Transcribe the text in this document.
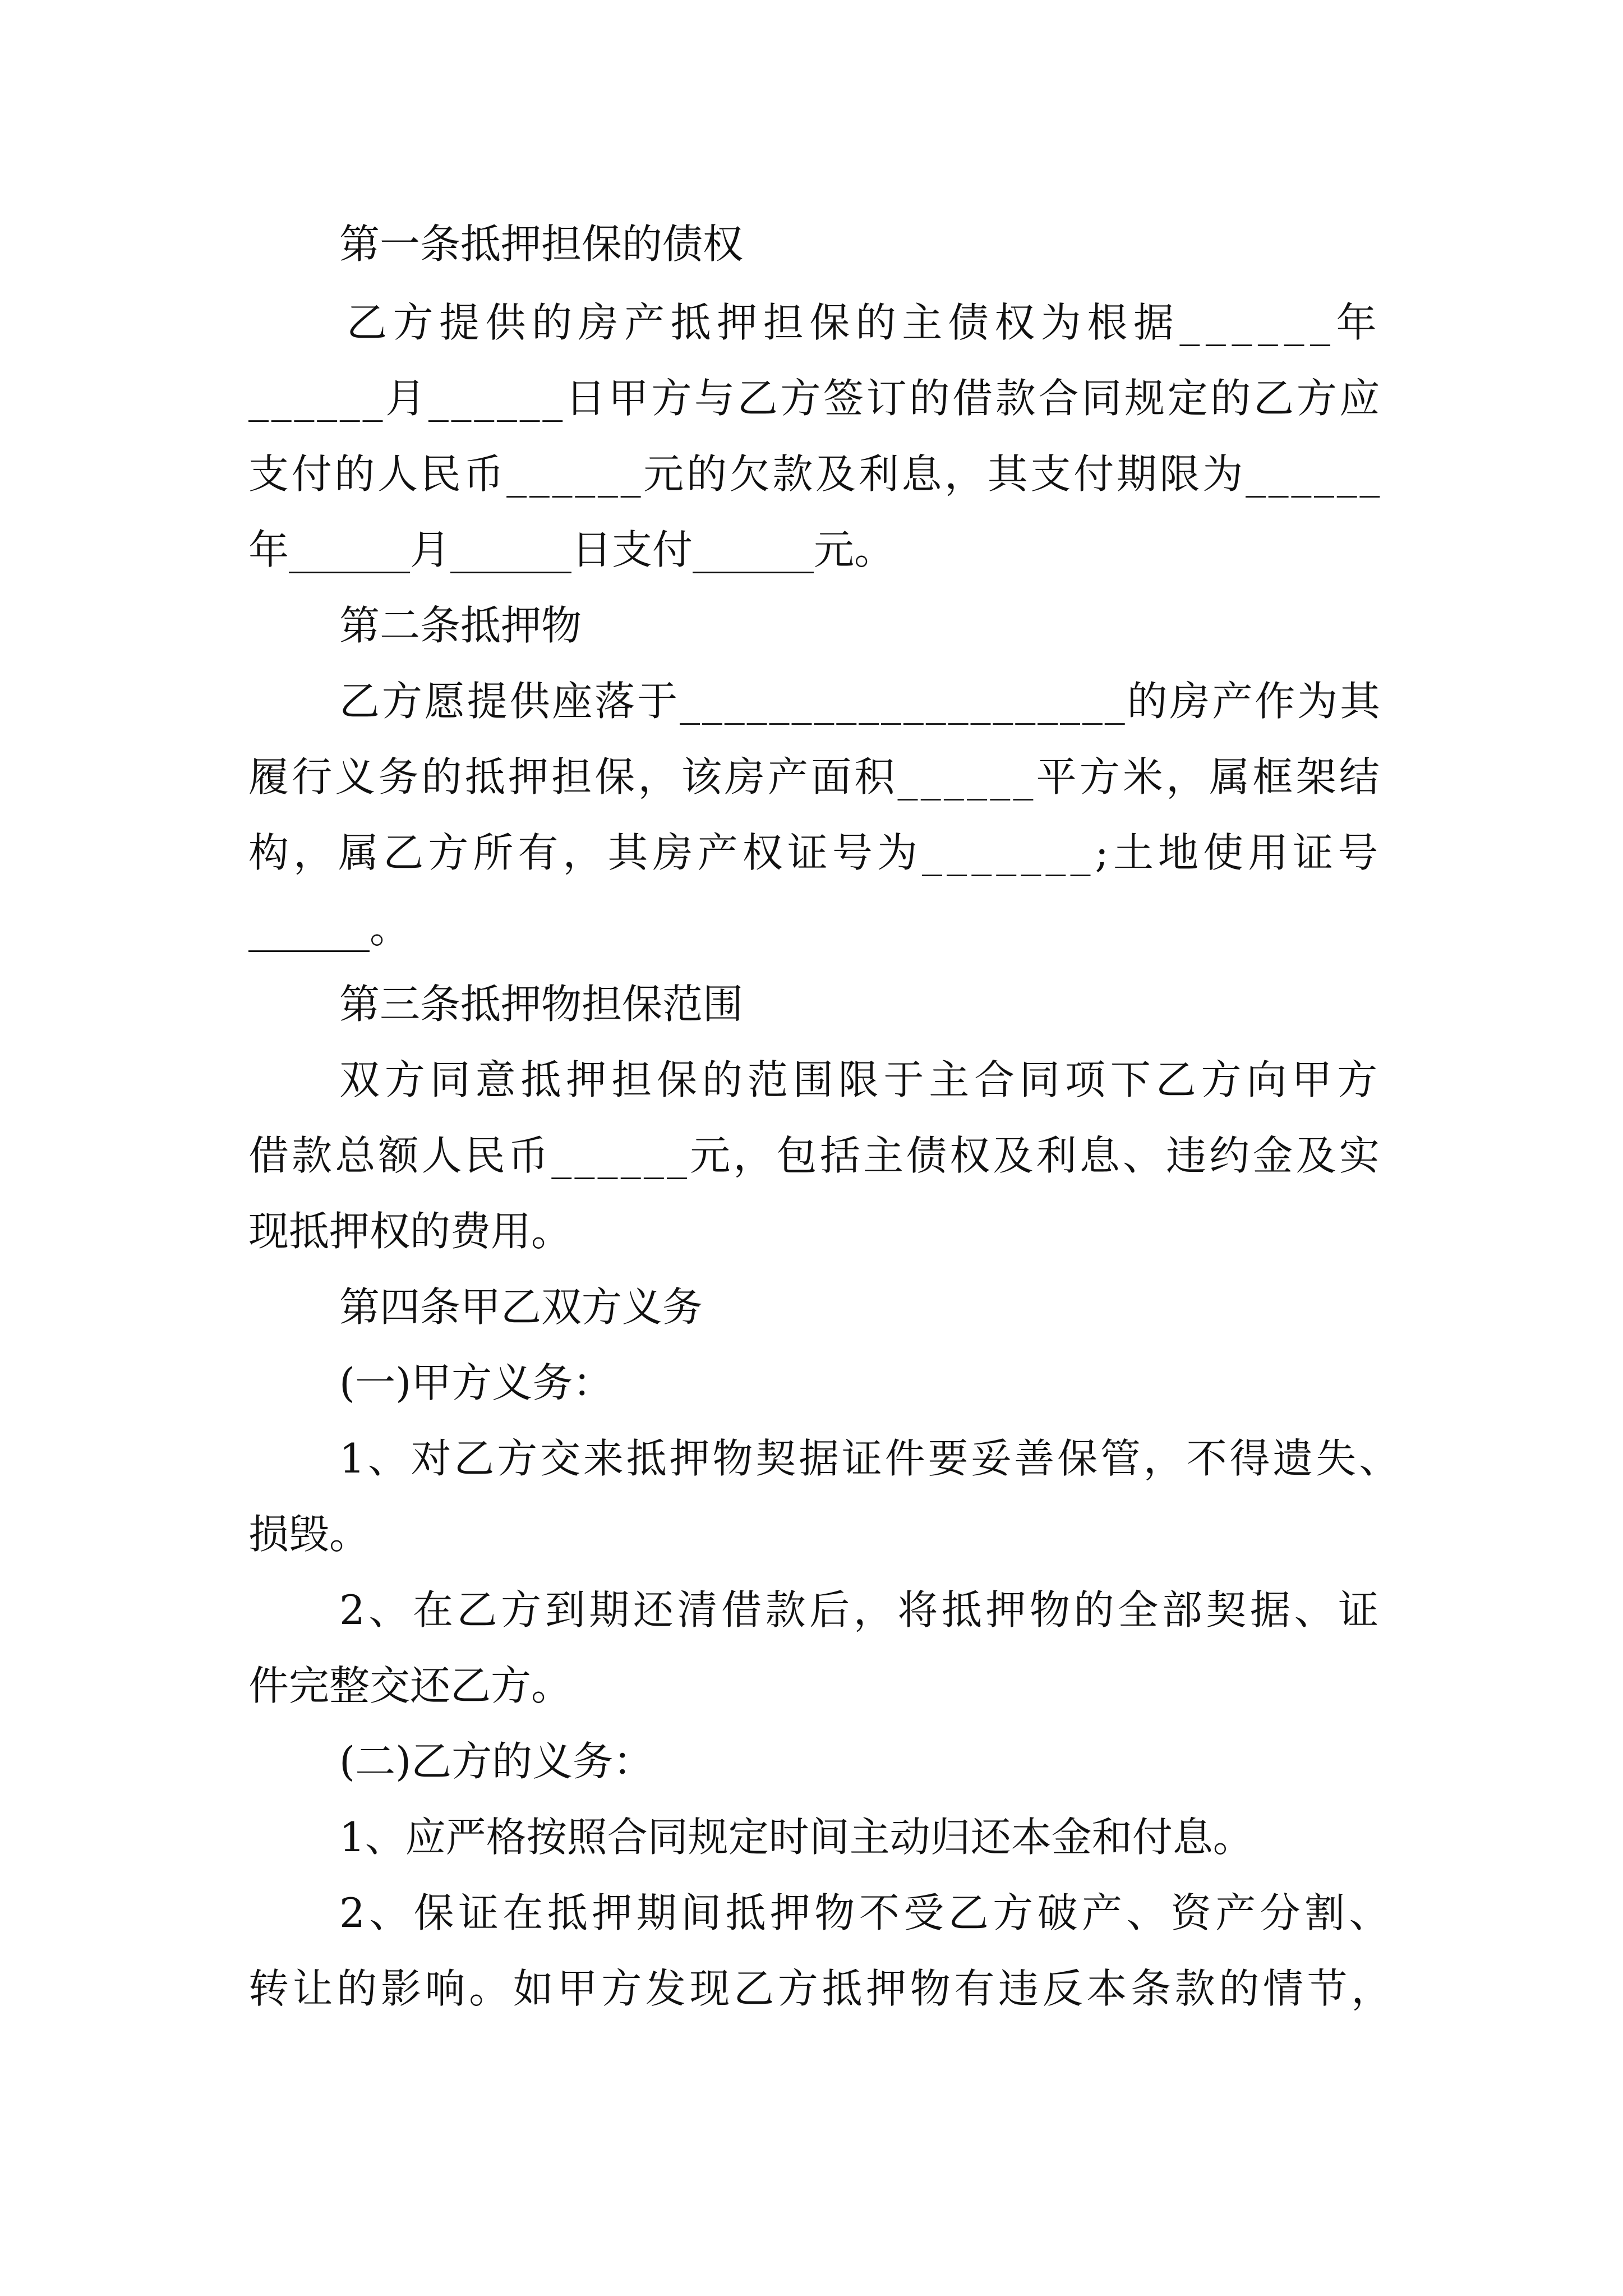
第一条抵押担保的债权

乙方提供的房产抵押担保的主债权为根据______年

______月______日甲方与乙方签订的借款合同规定的乙方应

支付的人民币______元的欠款及利息，其支付期限为______

年______月______日支付______元。

第二条抵押物

乙方愿提供座落于____________________的房产作为其

履行义务的抵押担保，该房产面积______平方米，属框架结

构，属乙方所有，其房产权证号为_______;土地使用证号

______。

第三条抵押物担保范围

双方同意抵押担保的范围限于主合同项下乙方向甲方

借款总额人民币______元，包括主债权及利息、违约金及实

现抵押权的费用。

第四条甲乙双方义务

(一)甲方义务：

1、对乙方交来抵押物契据证件要妥善保管，不得遗失、

损毁。

2、在乙方到期还清借款后，将抵押物的全部契据、证

件完整交还乙方。

(二)乙方的义务：

1、应严格按照合同规定时间主动归还本金和付息。

2、保证在抵押期间抵押物不受乙方破产、资产分割、

转让的影响。如甲方发现乙方抵押物有违反本条款的情节，
